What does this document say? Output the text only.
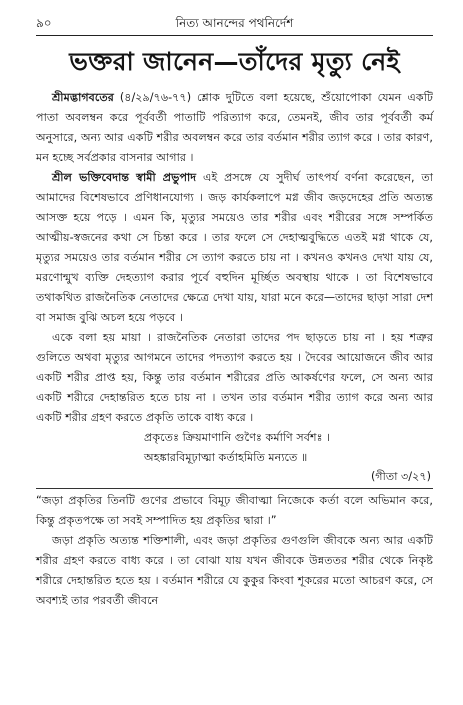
৯০	নিত্য আনন্দের পথনির্দেশ
ভক্তরা জানেন—তাঁদের মৃত্যু নেই

শ্রীমদ্ভাগবতের (৪/২৯/৭৬-৭৭) শ্লোক দুটিতে বলা হয়েছে, শুঁয়োপোকা যেমন একটি পাতা অবলম্বন করে পূর্ববর্তী পাতাটি পরিত্যাগ করে, তেমনই, জীব তার পূর্ববর্তী কর্ম অনুসারে, অন্য আর একটি শরীর অবলম্বন করে তার বর্তমান শরীর ত্যাগ করে । তার কারণ, মন হচ্ছে সর্বপ্রকার বাসনার আগার ।

শ্রীল ভক্তিবেদান্ত স্বামী প্রভুপাদ এই প্রসঙ্গে যে সুদীর্ঘ তাৎপর্য বর্ণনা করেছেন, তা আমাদের বিশেষভাবে প্রণিধানযোগ্য । জড় কার্যকলাপে মগ্ন জীব জড়দেহের প্রতি অত্যন্ত আসক্ত হয়ে পড়ে । এমন কি, মৃত্যুর সময়েও তার শরীর এবং শরীরের সঙ্গে সম্পর্কিত আত্মীয়-স্বজনের কথা সে চিন্তা করে । তার ফলে সে দেহাত্মবুদ্ধিতে এতই মগ্ন থাকে যে, মৃত্যুর সময়েও তার বর্তমান শরীর সে ত্যাগ করতে চায় না । কখনও কখনও দেখা যায় যে, মরণোন্মুখ ব্যক্তি দেহত্যাগ করার পূর্বে বহুদিন মূর্চ্ছিত অবস্থায় থাকে । তা বিশেষভাবে তথাকথিত রাজনৈতিক নেতাদের ক্ষেত্রে দেখা যায়, যারা মনে করে—তাদের ছাড়া সারা দেশ বা সমাজ বুঝি অচল হয়ে পড়বে ।

একে বলা হয় মায়া । রাজনৈতিক নেতারা তাদের পদ ছাড়তে চায় না । হয় শত্রুর গুলিতে অথবা মৃত্যুর আগমনে তাদের পদত্যাগ করতে হয় । দৈবের আয়োজনে জীব আর একটি শরীর প্রাপ্ত হয়, কিন্তু তার বর্তমান শরীরের প্রতি আকর্ষণের ফলে, সে অন্য আর একটি শরীরে দেহান্তরিত হতে চায় না । তখন তার বর্তমান শরীর ত্যাগ করে অন্য আর একটি শরীর গ্রহণ করতে প্রকৃতি তাকে বাধ্য করে ।

প্রকৃতেঃ ক্রিয়মাণানি গুণৈঃ কর্মাণি সর্বশঃ ।
অহঙ্কারবিমূঢ়াত্মা কর্তাহমিতি মন্যতে ॥
(গীতা ৩/২৭)

“জড়া প্রকৃতির তিনটি গুণের প্রভাবে বিমূঢ় জীবাত্মা নিজেকে কর্তা বলে অভিমান করে, কিন্তু প্রকৃতপক্ষে তা সবই সম্পাদিত হয় প্রকৃতির দ্বারা ।”

জড়া প্রকৃতি অত্যন্ত শক্তিশালী, এবং জড়া প্রকৃতির গুণগুলি জীবকে অন্য আর একটি শরীর গ্রহণ করতে বাধ্য করে । তা বোঝা যায় যখন জীবকে উন্নততর শরীর থেকে নিকৃষ্ট শরীরে দেহান্তরিত হতে হয় । বর্তমান শরীরে যে কুকুর কিংবা শূকরের মতো আচরণ করে, সে অবশ্যই তার পরবর্তী জীবনে
